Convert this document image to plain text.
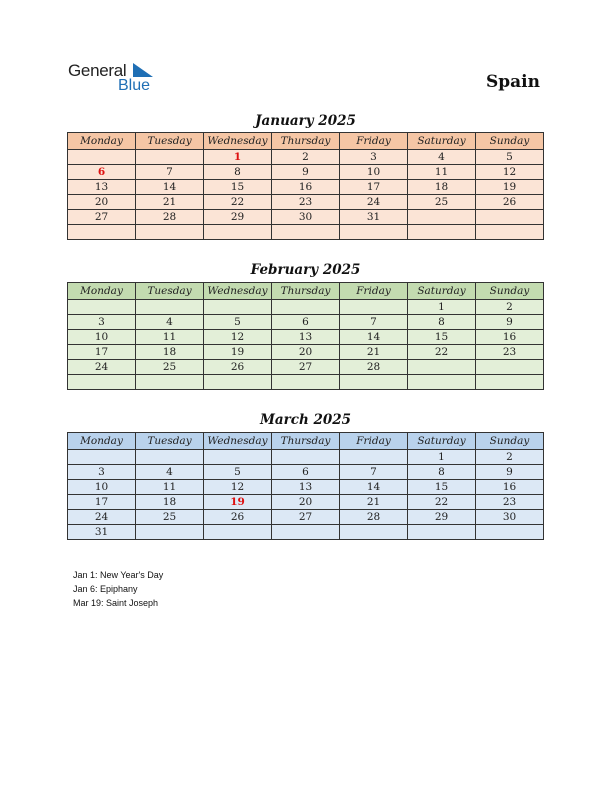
General
Blue	Spain
January 2025
Monday	Tuesday	Wednesday	Thursday	Friday	Saturday	Sunday
		1	2	3	4	5
6	7	8	9	10	11	12
13	14	15	16	17	18	19
20	21	22	23	24	25	26
27	28	29	30	31		

February 2025
Monday	Tuesday	Wednesday	Thursday	Friday	Saturday	Sunday
					1	2
3	4	5	6	7	8	9
10	11	12	13	14	15	16
17	18	19	20	21	22	23
24	25	26	27	28		

March 2025
Monday	Tuesday	Wednesday	Thursday	Friday	Saturday	Sunday
					1	2
3	4	5	6	7	8	9
10	11	12	13	14	15	16
17	18	19	20	21	22	23
24	25	26	27	28	29	30
31						
Jan 1: New Year's Day
Jan 6: Epiphany
Mar 19: Saint Joseph
